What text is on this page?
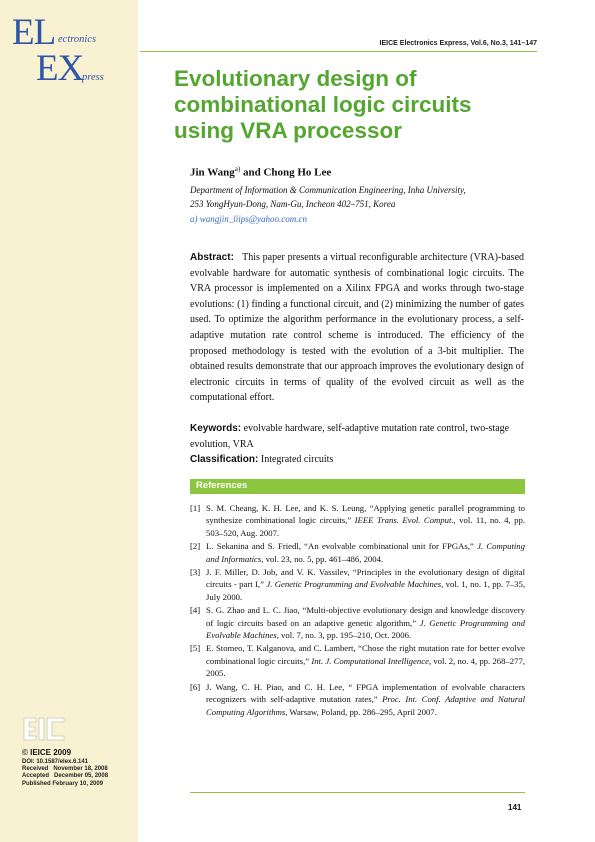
EL ectronics
EX
press
IEICE Electronics Express, Vol.6, No.3, 141–147
Evolutionary design of
combinational logic circuits
using VRA processor
Jin Wang$^{a)}$ and Chong Ho Lee
Department of Information & Communication Engineering, Inha University,
253 YongHyun-Dong, Nam-Gu, Incheon 402–751, Korea
a) wangjin_liips@yahoo.com.cn
Abstract: This paper presents a virtual reconfigurable architecture (VRA)-based evolvable hardware for automatic synthesis of combinational logic circuits. The VRA processor is implemented on a Xilinx FPGA and works through two-stage evolutions: (1) finding a functional circuit, and (2) minimizing the number of gates used. To optimize the algorithm performance in the evolutionary process, a self-adaptive mutation rate control scheme is introduced. The efficiency of the proposed methodology is tested with the evolution of a 3-bit multiplier. The obtained results demonstrate that our approach improves the evolutionary design of electronic circuits in terms of quality of the evolved circuit as well as the computational effort.
Keywords: evolvable hardware, self-adaptive mutation rate control, two-stage evolution, VRA
Classification: Integrated circuits
References
[1] S. M. Cheang, K. H. Lee, and K. S. Leung, “Applying genetic parallel programming to synthesize combinational logic circuits,” IEEE Trans. Evol. Comput., vol. 11, no. 4, pp. 503–520, Aug. 2007.
[2] L. Sekanina and S. Friedl, “An evolvable combinational unit for FPGAs,” J. Computing and Informatics, vol. 23, no. 5, pp. 461–486, 2004.
[3] J. F. Miller, D. Job, and V. K. Vassilev, “Principles in the evolutionary design of digital circuits - part I,” J. Genetic Programming and Evolvable Machines, vol. 1, no. 1, pp. 7–35, July 2000.
[4] S. G. Zhao and L. C. Jiao, “Multi-objective evolutionary design and knowledge discovery of logic circuits based on an adaptive genetic algorithm,” J. Genetic Programming and Evolvable Machines, vol. 7, no. 3, pp. 195–210, Oct. 2006.
[5] E. Stomeo, T. Kalganova, and C. Lambert, “Chose the right mutation rate for better evolve combinational logic circuits,” Int. J. Computational Intelligence, vol. 2, no. 4, pp. 268–277, 2005.
[6] J. Wang, C. H. Piao, and C. H. Lee, “ FPGA implementation of evolvable characters recognizers with self-adaptive mutation rates,” Proc. Int. Conf. Adaptive and Natural Computing Algorithms, Warsaw, Poland, pp. 286–295, April 2007.
© IEICE 2009
DOI: 10.1587/elex.6.141
Received   November 18, 2008
Accepted   December 05, 2008
Published February 10, 2009
141
